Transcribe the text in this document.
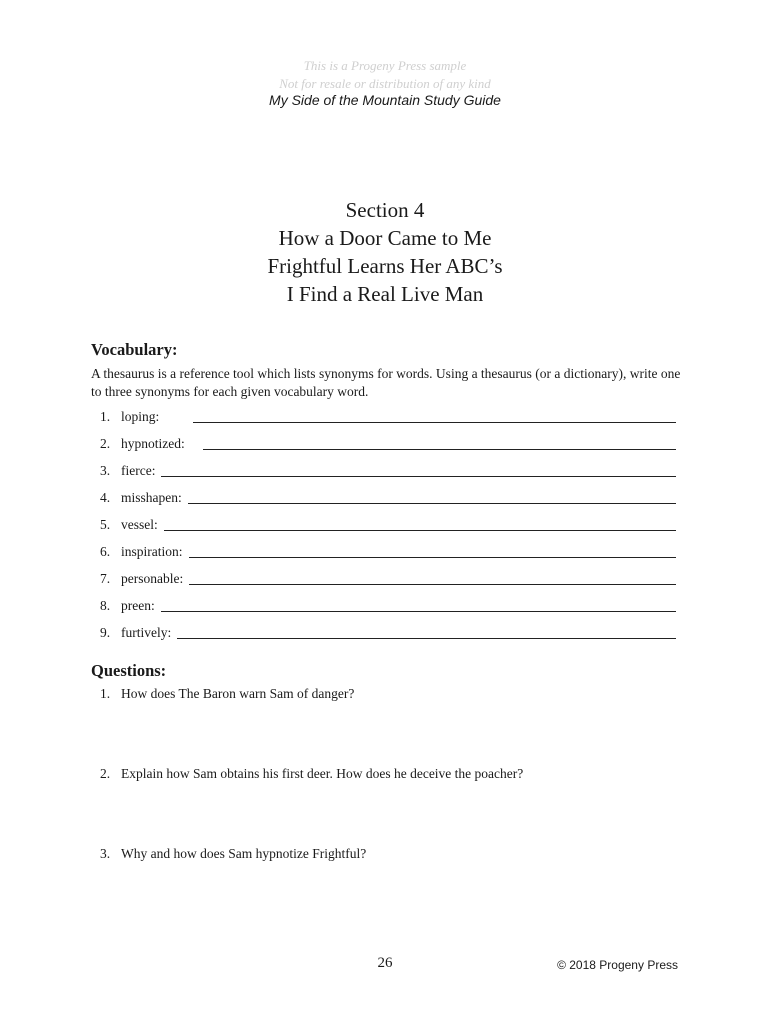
This is a Progeny Press sample
Not for resale or distribution of any kind
My Side of the Mountain Study Guide
Section 4
How a Door Came to Me
Frightful Learns Her ABC’s
I Find a Real Live Man
Vocabulary:
A thesaurus is a reference tool which lists synonyms for words. Using a thesaurus (or a dictionary), write one to three synonyms for each given vocabulary word.
1. loping:
2. hypnotized:
3. fierce:
4. misshapen:
5. vessel:
6. inspiration:
7. personable:
8. preen:
9. furtively:
Questions:
1. How does The Baron warn Sam of danger?
2. Explain how Sam obtains his first deer. How does he deceive the poacher?
3. Why and how does Sam hypnotize Frightful?
26	© 2018 Progeny Press
